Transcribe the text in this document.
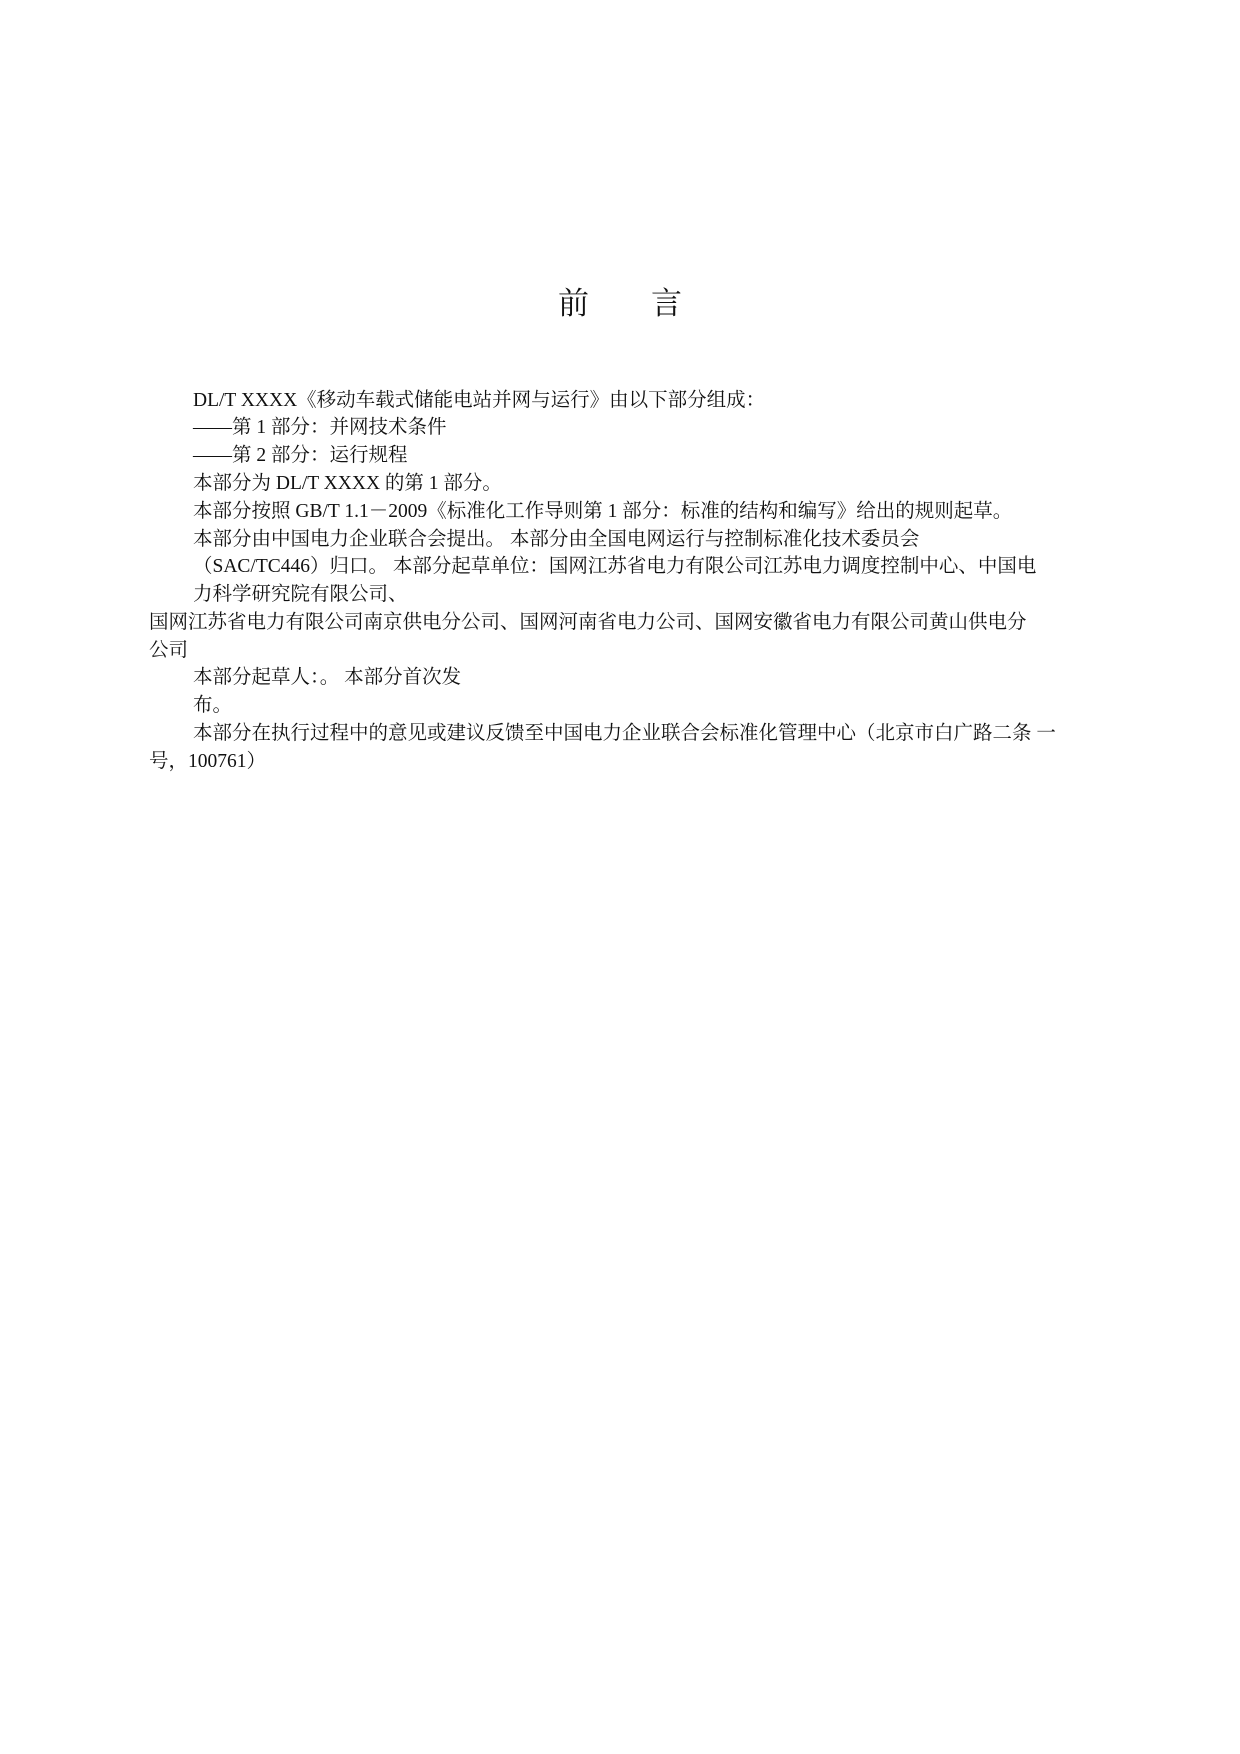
前 言
DL/T XXXX《移动车载式储能电站并网与运行》由以下部分组成：
——第 1 部分：并网技术条件
——第 2 部分：运行规程
本部分为 DL/T XXXX 的第 1 部分。
本部分按照 GB/T 1.1－2009《标准化工作导则第 1 部分：标准的结构和编写》给出的规则起草。
本部分由中国电力企业联合会提出。 本部分由全国电网运行与控制标准化技术委员会
（SAC/TC446）归口。 本部分起草单位：国网江苏省电力有限公司江苏电力调度控制中心、中国电
力科学研究院有限公司、
国网江苏省电力有限公司南京供电分公司、国网河南省电力公司、国网安徽省电力有限公司黄山供电分
公司
本部分起草人：。 本部分首次发
布。
本部分在执行过程中的意见或建议反馈至中国电力企业联合会标准化管理中心（北京市白广路二条 一
号，100761）
